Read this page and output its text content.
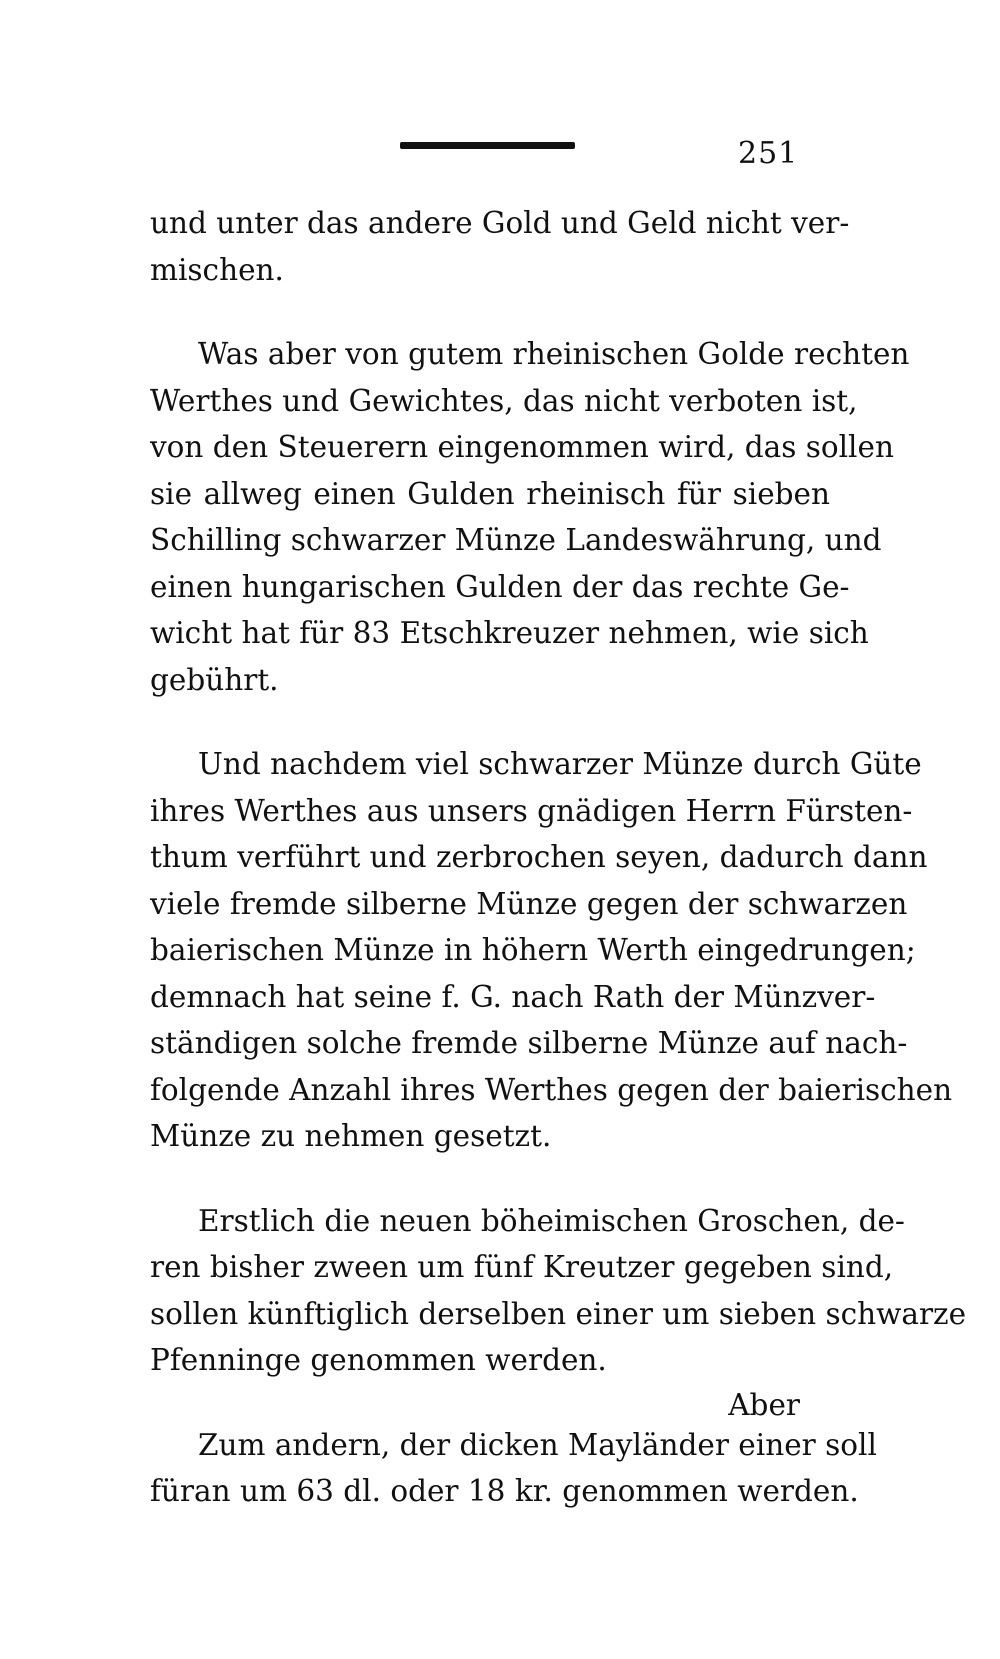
251

und unter das andere Gold und Geld nicht ver-
mischen.

Was aber von gutem rheinischen Golde rechten
Werthes und Gewichtes, das nicht verboten ist,
von den Steuerern eingenommen wird, das sollen
sie allweg einen Gulden rheinisch für sieben
Schilling schwarzer Münze Landeswährung, und
einen hungarischen Gulden der das rechte Ge-
wicht hat für 83 Etschkreuzer nehmen, wie sich
gebührt.

Und nachdem viel schwarzer Münze durch Güte
ihres Werthes aus unsers gnädigen Herrn Fürsten-
thum verführt und zerbrochen seyen, dadurch dann
viele fremde silberne Münze gegen der schwarzen
baierischen Münze in höhern Werth eingedrungen;
demnach hat seine f. G. nach Rath der Münzver-
ständigen solche fremde silberne Münze auf nach-
folgende Anzahl ihres Werthes gegen der baierischen
Münze zu nehmen gesetzt.

Erstlich die neuen böheimischen Groschen, de-
ren bisher zween um fünf Kreutzer gegeben sind,
sollen künftiglich derselben einer um sieben schwarze
Pfenninge genommen werden.

Zum andern, der dicken Mayländer einer soll
füran um 63 dl. oder 18 kr. genommen werden.

Aber
